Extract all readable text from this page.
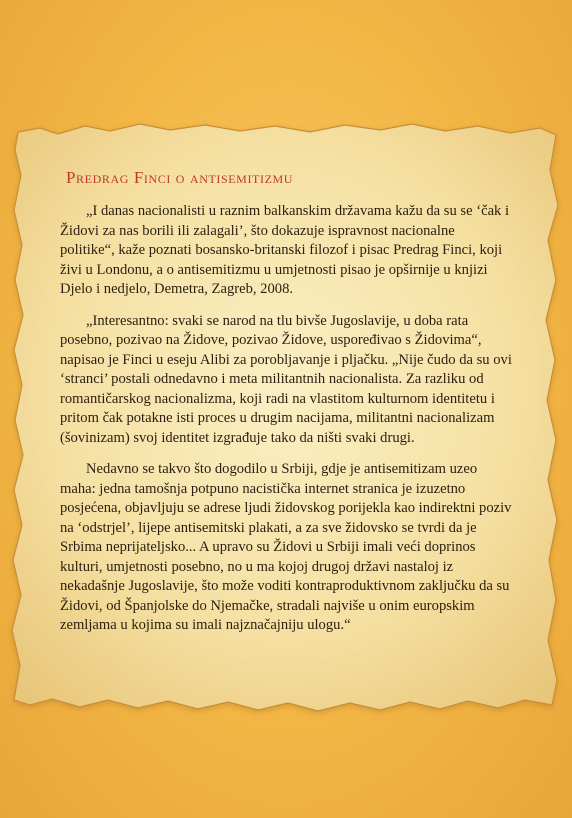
Predrag Finci o antisemitizmu

„I danas nacionalisti u raznim balkanskim državama kažu da su se ‘čak i Židovi za nas borili ili zalagali’, što dokazuje ispravnost nacionalne politike“, kaže poznati bosansko-britanski filozof i pisac Predrag Finci, koji živi u Londonu, a o antisemitizmu u umjetnosti pisao je opširnije u knjizi Djelo i nedjelo, Demetra, Zagreb, 2008.

„Interesantno: svaki se narod na tlu bivše Jugoslavije, u doba rata posebno, pozivao na Židove, pozivao Židove, uspoređivao s Židovima“, napisao je Finci u eseju Alibi za porobljavanje i pljačku. „Nije čudo da su ovi ‘stranci’ postali odnedavno i meta militantnih nacionalista. Za razliku od romantičarskog nacionalizma, koji radi na vlastitom kulturnom identitetu i pritom čak potakne isti proces u drugim nacijama, militantni nacionalizam (šovinizam) svoj identitet izgrađuje tako da ništi svaki drugi.

Nedavno se takvo što dogodilo u Srbiji, gdje je antisemitizam uzeo maha: jedna tamošnja potpuno nacistička internet stranica je izuzetno posjećena, objavljuju se adrese ljudi židovskog porijekla kao indirektni poziv na ‘odstrjel’, lijepe antisemitski plakati, a za sve židovsko se tvrdi da je Srbima neprijateljsko... A upravo su Židovi u Srbiji imali veći doprinos kulturi, umjetnosti posebno, no u ma kojoj drugoj državi nastaloj iz nekadašnje Jugoslavije, što može voditi kontraproduktivnom zaključku da su Židovi, od Španjolske do Njemačke, stradali najviše u onim europskim zemljama u kojima su imali najznačajniju ulogu.“
